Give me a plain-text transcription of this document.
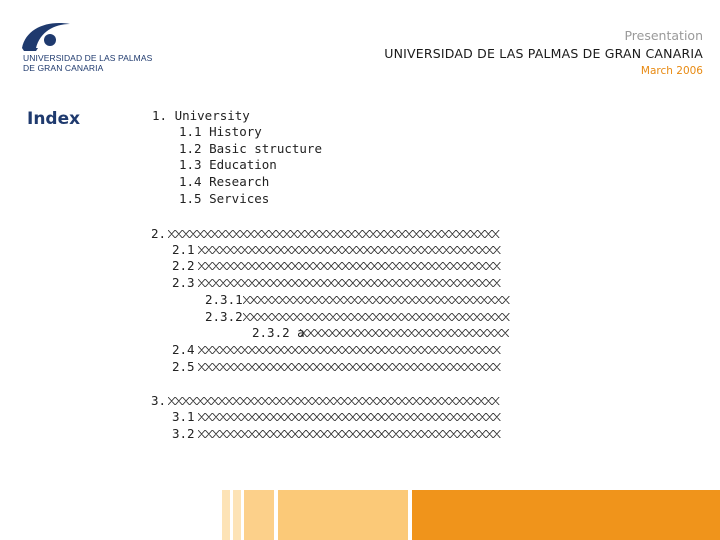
UNIVERSIDAD DE LAS PALMAS
DE GRAN CANARIA
Presentation
UNIVERSIDAD DE LAS PALMAS DE GRAN CANARIA
March 2006
Index	1. University
1.1 History
1.2 Basic structure
1.3 Education
1.4 Research
1.5 Services
2.
2.1
2.2
2.3
2.3.1
2.3.2
2.3.2 a
2.4
2.5
3.
3.1
3.2
